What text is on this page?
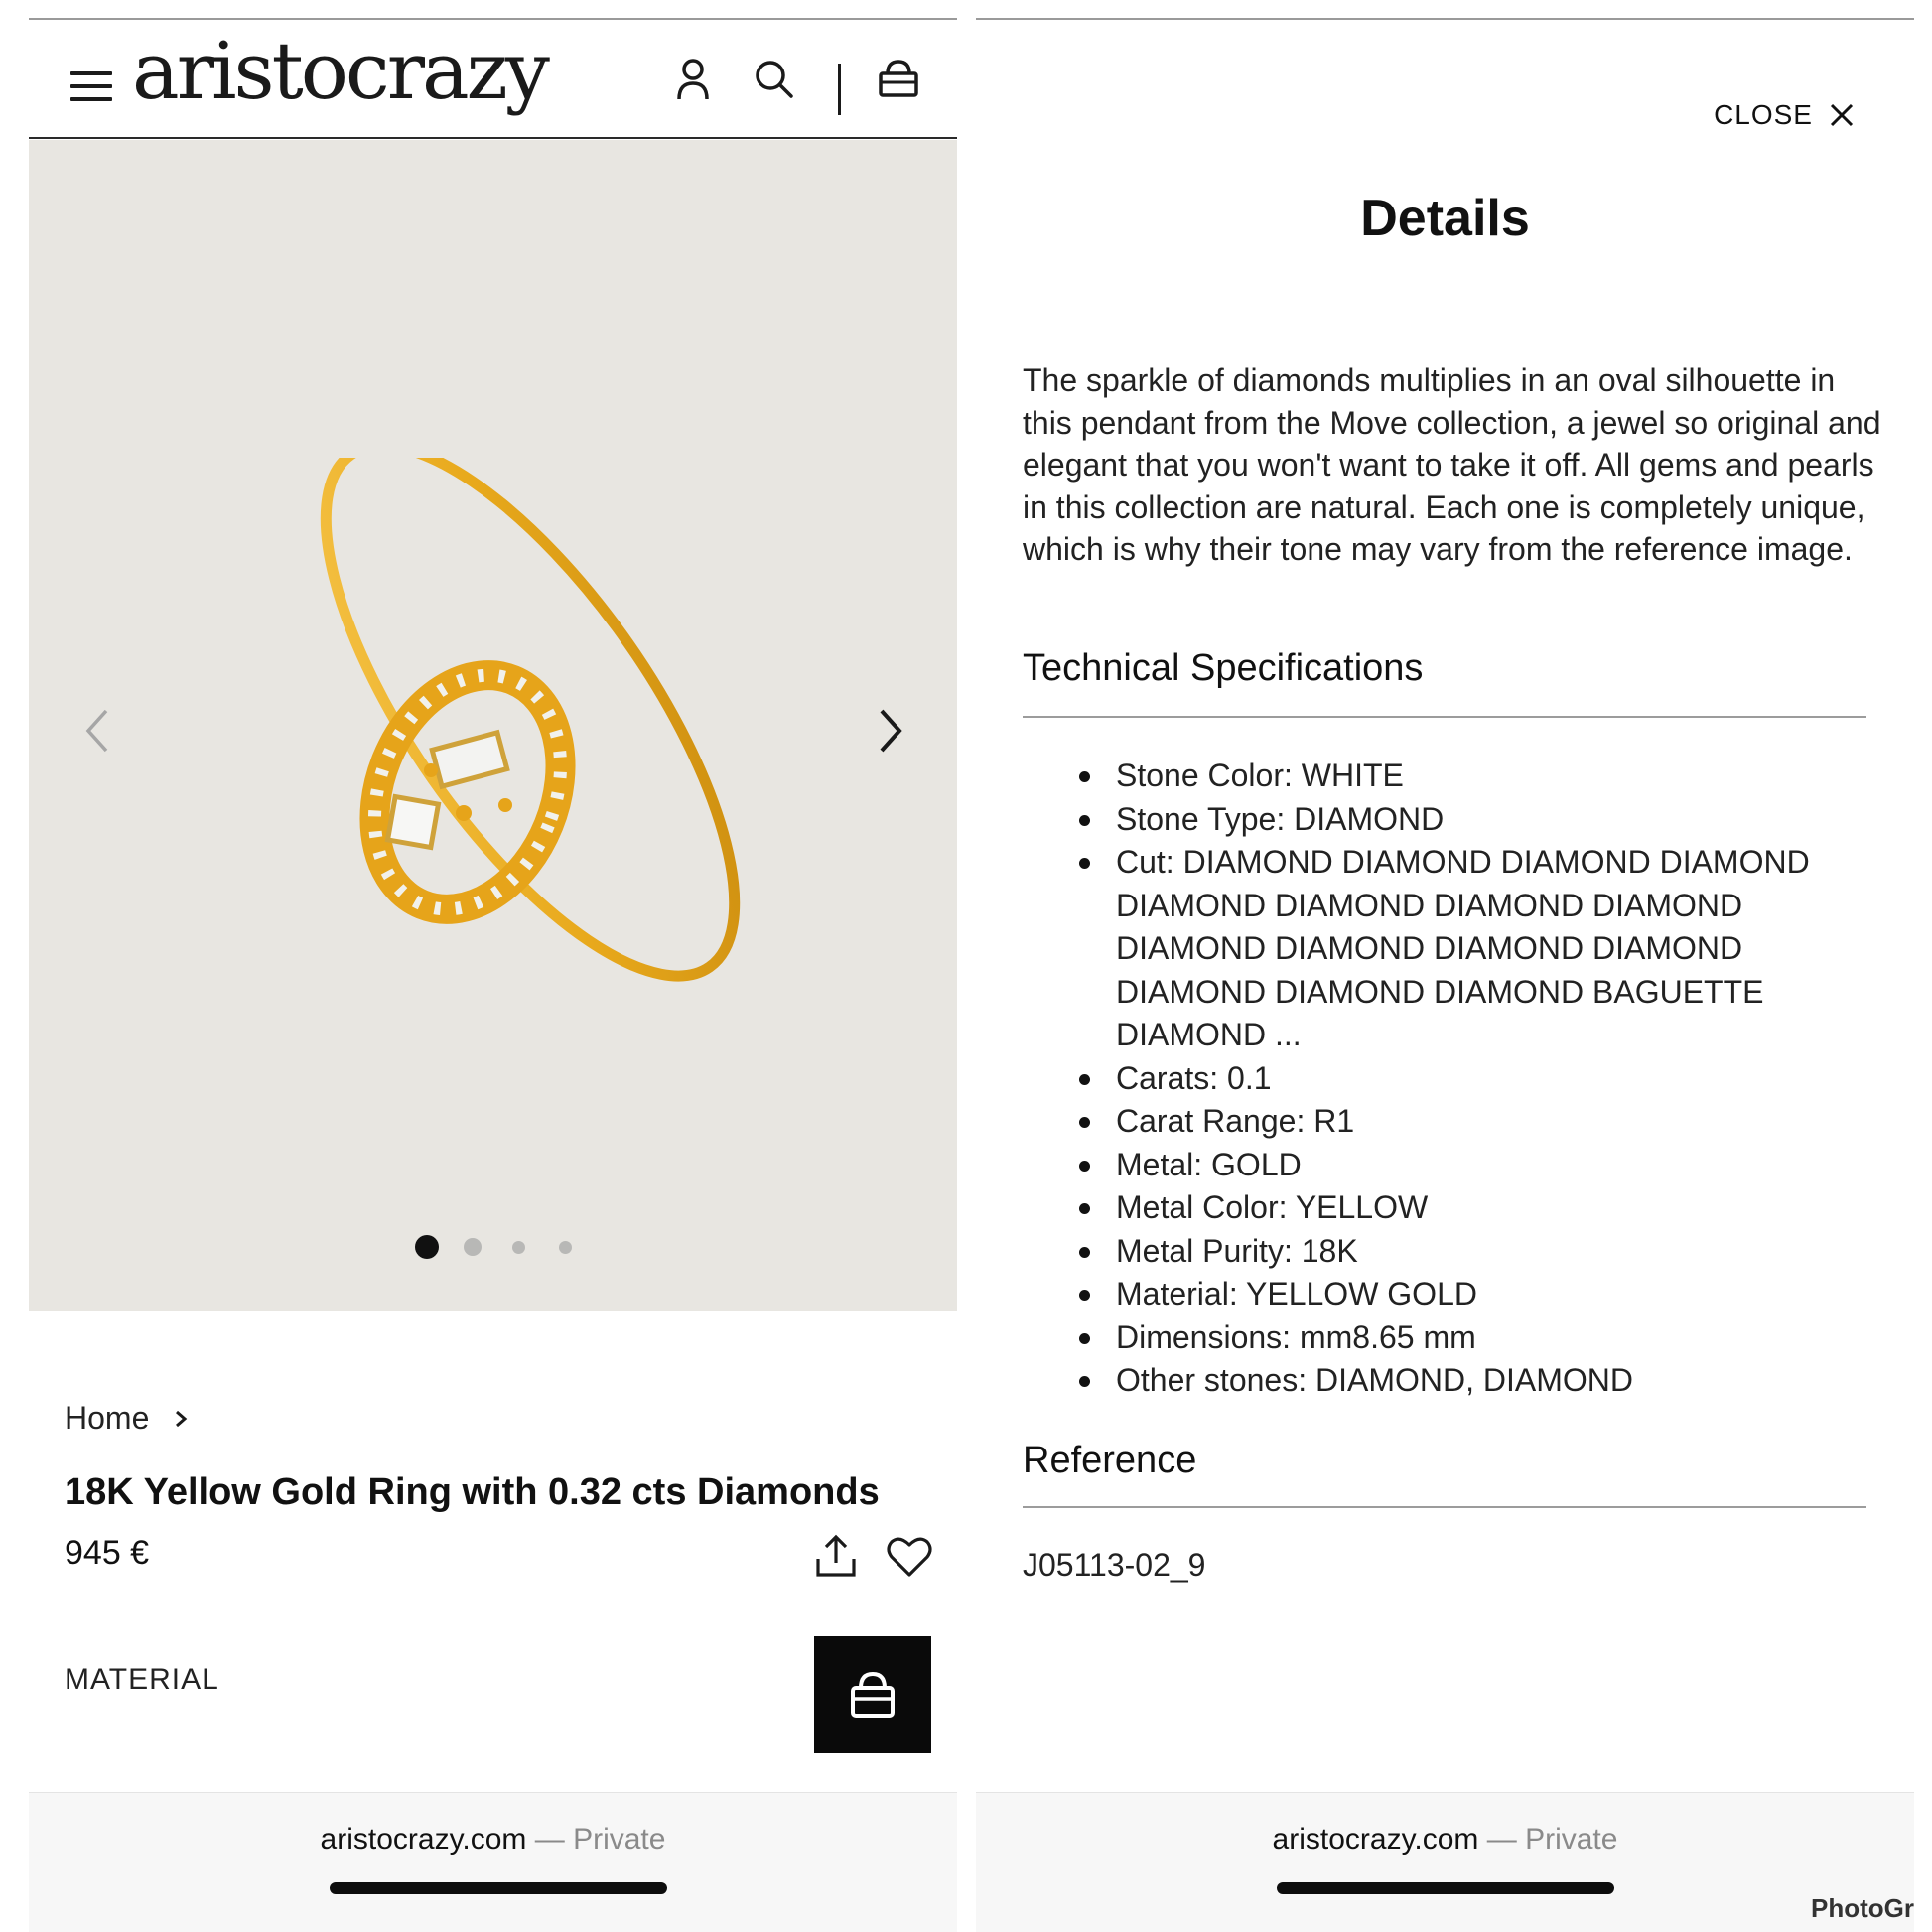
aristocrazy
Home
18K Yellow Gold Ring with 0.32 cts Diamonds
945 €
MATERIAL
aristocrazy.com — Private
CLOSE
Details

The sparkle of diamonds multiplies in an oval silhouette in this pendant from the Move collection, a jewel so original and elegant that you won't want to take it off. All gems and pearls in this collection are natural. Each one is completely unique, which is why their tone may vary from the reference image.

Technical Specifications
Stone Color: WHITE
Stone Type: DIAMOND
Cut: DIAMOND DIAMOND DIAMOND DIAMOND DIAMOND DIAMOND DIAMOND DIAMOND DIAMOND DIAMOND DIAMOND DIAMOND DIAMOND DIAMOND DIAMOND BAGUETTE DIAMOND ...
Carats: 0.1
Carat Range: R1
Metal: GOLD
Metal Color: YELLOW
Metal Purity: 18K
Material: YELLOW GOLD
Dimensions: mm8.65 mm
Other stones: DIAMOND, DIAMOND
Reference
J05113-02_9
aristocrazy.com — Private
PhotoGr
